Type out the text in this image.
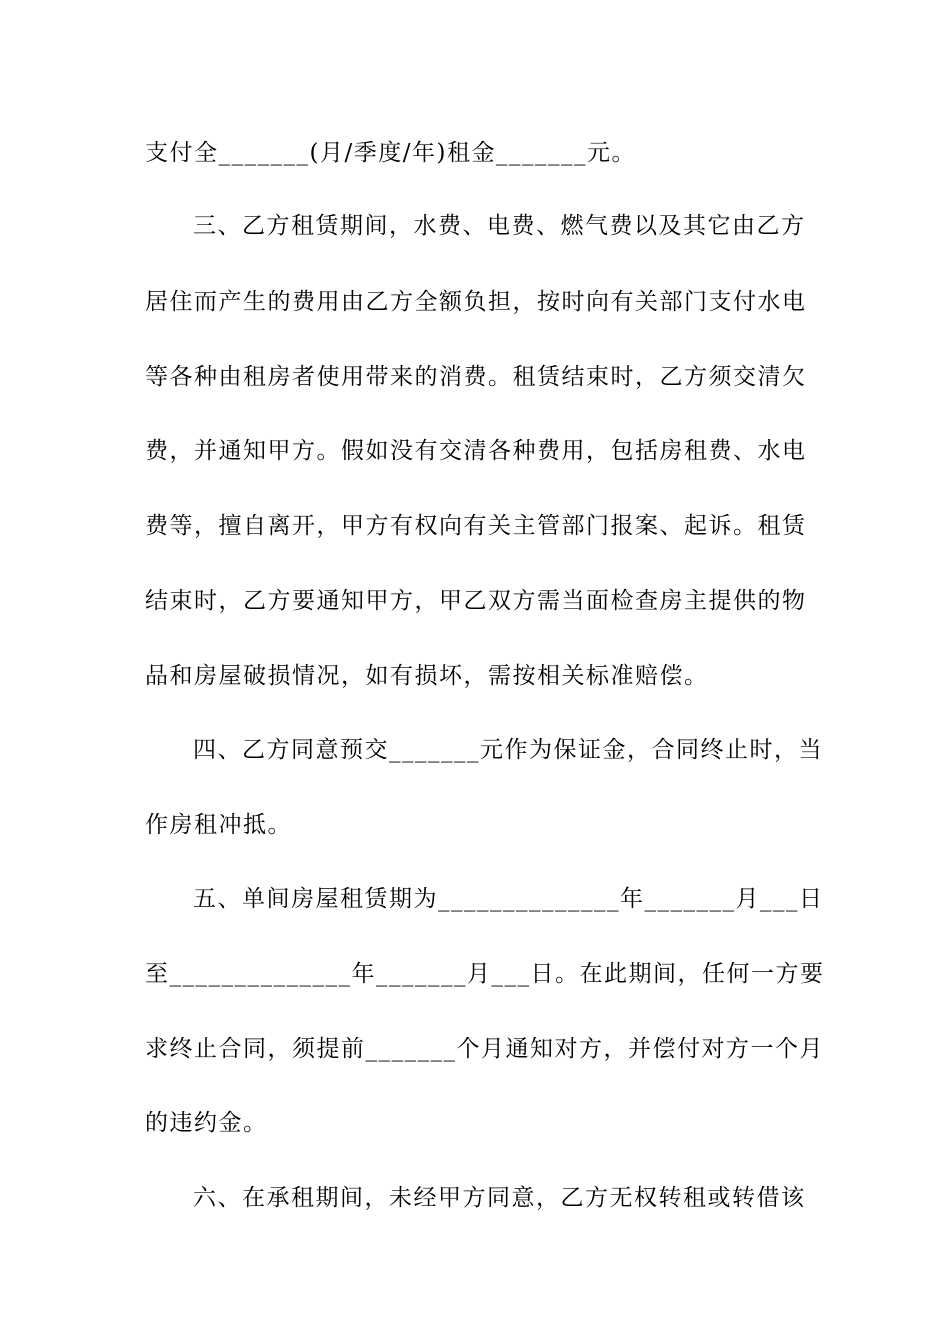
支付全_______(月/季度/年)租金_______元。
三、乙方租赁期间，水费、电费、燃气费以及其它由乙方
居住而产生的费用由乙方全额负担，按时向有关部门支付水电
等各种由租房者使用带来的消费。租赁结束时，乙方须交清欠
费，并通知甲方。假如没有交清各种费用，包括房租费、水电
费等，擅自离开，甲方有权向有关主管部门报案、起诉。租赁
结束时，乙方要通知甲方，甲乙双方需当面检查房主提供的物
品和房屋破损情况，如有损坏，需按相关标准赔偿。
四、乙方同意预交_______元作为保证金，合同终止时，当
作房租冲抵。
五、单间房屋租赁期为______________年_______月___日
至______________年_______月___日。在此期间，任何一方要
求终止合同，须提前_______个月通知对方，并偿付对方一个月
的违约金。
六、在承租期间，未经甲方同意，乙方无权转租或转借该
